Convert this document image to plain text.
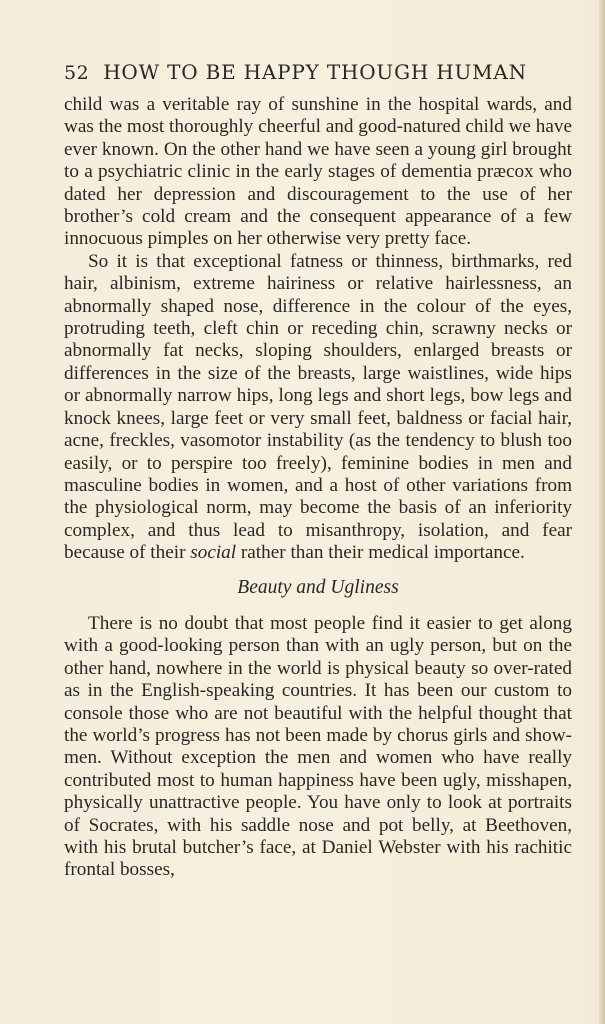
52 HOW TO BE HAPPY THOUGH HUMAN

child was a veritable ray of sunshine in the hospital wards, and was the most thoroughly cheerful and good-natured child we have ever known. On the other hand we have seen a young girl brought to a psychiatric clinic in the early stages of dementia præcox who dated her depression and discouragement to the use of her brother’s cold cream and the consequent appearance of a few innocuous pimples on her otherwise very pretty face.

So it is that exceptional fatness or thinness, birthmarks, red hair, albinism, extreme hairiness or relative hairlessness, an abnormally shaped nose, difference in the colour of the eyes, protruding teeth, cleft chin or receding chin, scrawny necks or abnormally fat necks, sloping shoulders, enlarged breasts or differences in the size of the breasts, large waistlines, wide hips or abnormally narrow hips, long legs and short legs, bow legs and knock knees, large feet or very small feet, baldness or facial hair, acne, freckles, vasomotor instability (as the tendency to blush too easily, or to perspire too freely), feminine bodies in men and masculine bodies in women, and a host of other variations from the physiological norm, may become the basis of an inferiority complex, and thus lead to misanthropy, isolation, and fear because of their social rather than their medical importance.

Beauty and Ugliness

There is no doubt that most people find it easier to get along with a good-looking person than with an ugly person, but on the other hand, nowhere in the world is physical beauty so over-rated as in the English-speaking countries. It has been our custom to console those who are not beautiful with the helpful thought that the world’s progress has not been made by chorus girls and show-men. Without exception the men and women who have really contributed most to human happiness have been ugly, misshapen, physically unattractive people. You have only to look at portraits of Socrates, with his saddle nose and pot belly, at Beethoven, with his brutal butcher’s face, at Daniel Webster with his rachitic frontal bosses,
